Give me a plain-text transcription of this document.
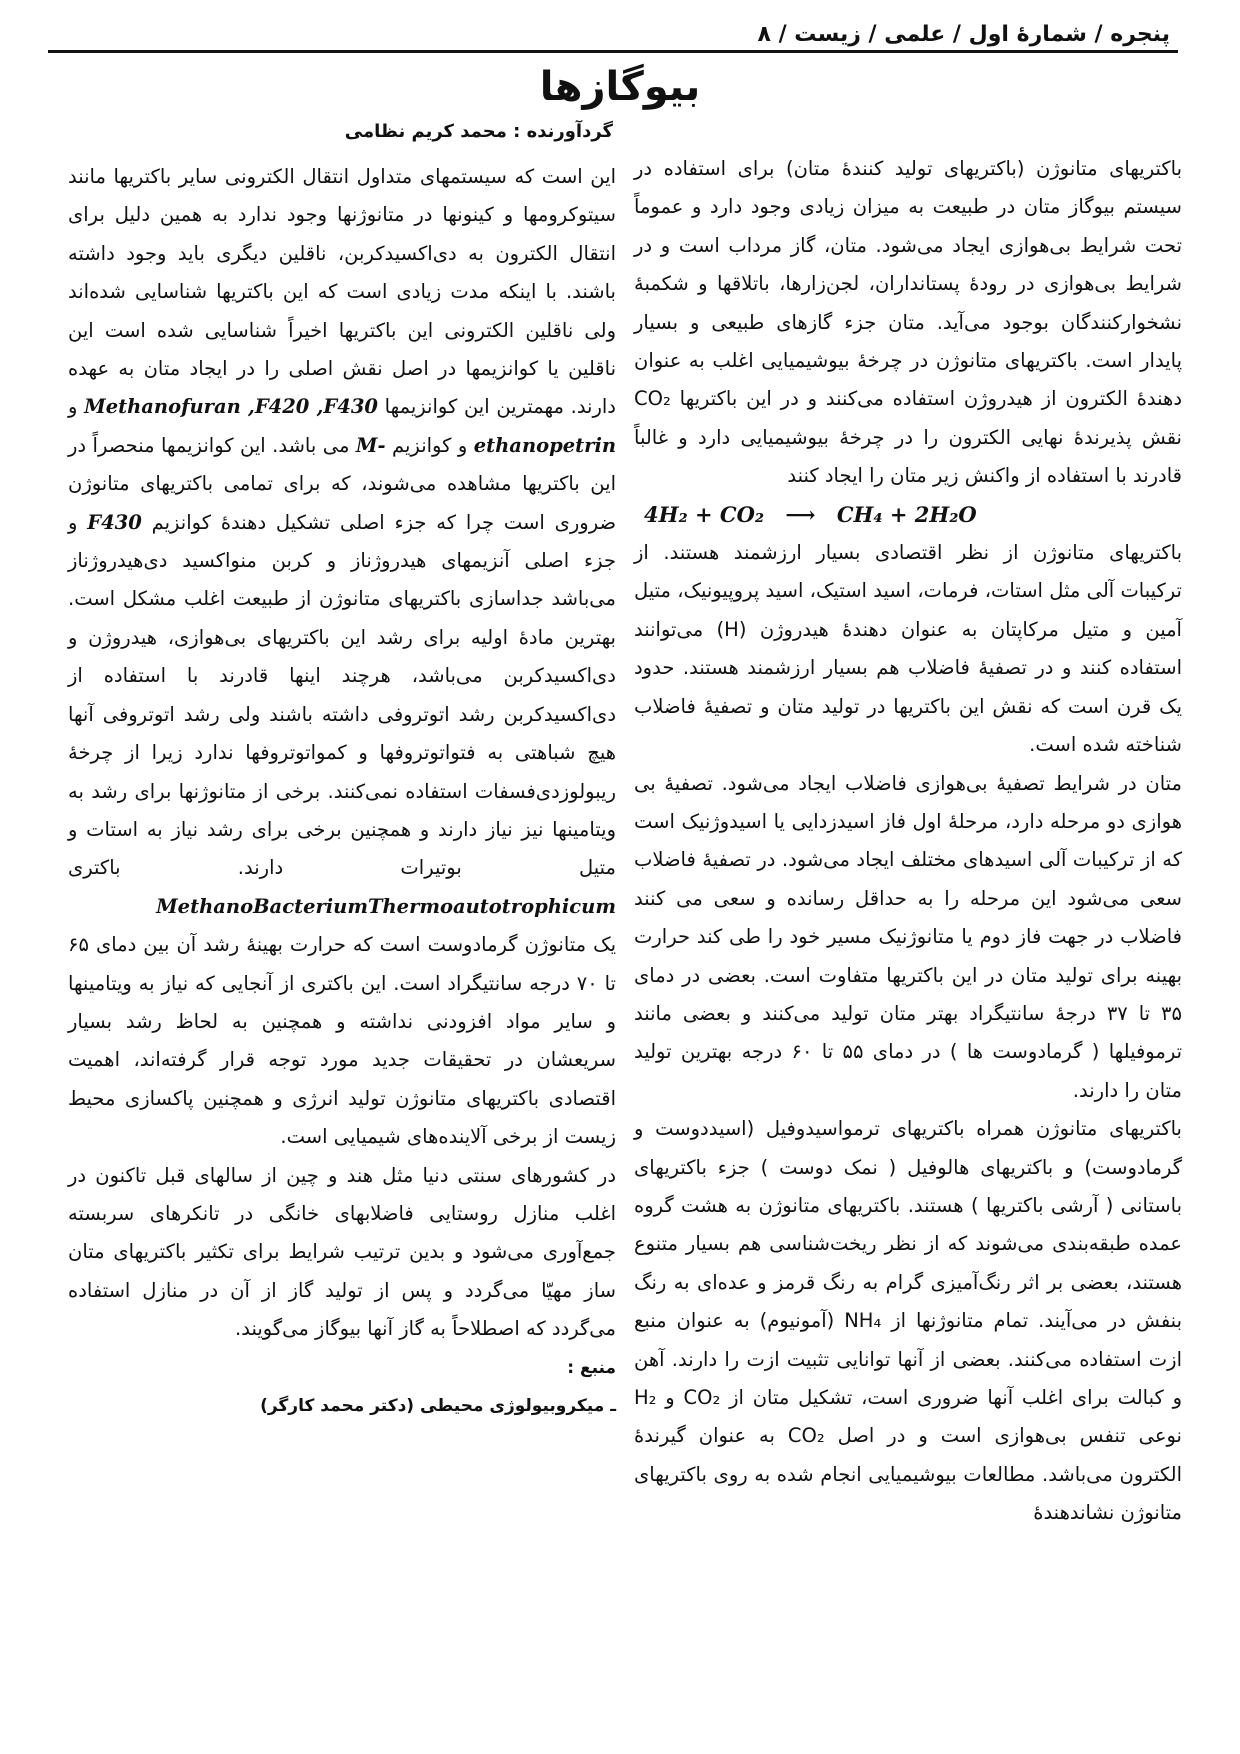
پنجره / شمارهٔ اول / علمی / زیست / ۸
بیوگازها
گردآورنده : محمد کریم نظامی

باکتریهای متانوژن (باکتریهای تولید کنندهٔ متان) برای استفاده در سیستم بیوگاز متان در طبیعت به میزان زیادی وجود دارد و عموماً تحت شرایط بی‌هوازی ایجاد می‌شود. متان، گاز مرداب است و در شرایط بی‌هوازی در رودهٔ پستانداران، لجن‌زارها، باتلاقها و شکمبهٔ نشخوارکنندگان بوجود می‌آید. متان جزء گازهای طبیعی و بسیار پایدار است. باکتریهای متانوژن در چرخهٔ بیوشیمیایی اغلب به عنوان دهندهٔ الکترون از هیدروژن استفاده می‌کنند و در این باکتریها CO₂ نقش پذیرندهٔ نهایی الکترون را در چرخهٔ بیوشیمیایی دارد و غالباً قادرند با استفاده از واکنش زیر متان را ایجاد کنند

4H₂ + CO₂ ⟶ CH₄ + 2H₂O

باکتریهای متانوژن از نظر اقتصادی بسیار ارزشمند هستند. از ترکیبات آلی مثل استات، فرمات، اسید استیک، اسید پروپیونیک، متیل آمین و متیل مرکاپتان به عنوان دهندهٔ هیدروژن (H) می‌توانند استفاده کنند و در تصفیهٔ فاضلاب هم بسیار ارزشمند هستند. حدود یک قرن است که نقش این باکتریها در تولید متان و تصفیهٔ فاضلاب شناخته شده است.

متان در شرایط تصفیهٔ بی‌هوازی فاضلاب ایجاد می‌شود. تصفیهٔ بی هوازی دو مرحله دارد، مرحلهٔ اول فاز اسیدزدایی یا اسیدوژنیک است که از ترکیبات آلی اسیدهای مختلف ایجاد می‌شود. در تصفیهٔ فاضلاب سعی می‌شود این مرحله را به حداقل رسانده و سعی می کنند فاضلاب در جهت فاز دوم یا متانوژنیک مسیر خود را طی کند حرارت بهینه برای تولید متان در این باکتریها متفاوت است. بعضی در دمای ۳۵ تا ۳۷ درجهٔ سانتیگراد بهتر متان تولید می‌کنند و بعضی مانند ترموفیلها ( گرمادوست ها ) در دمای ۵۵ تا ۶۰ درجه بهترین تولید متان را دارند.

باکتریهای متانوژن همراه باکتریهای ترمواسیدوفیل (اسیددوست و گرمادوست) و باکتریهای هالوفیل ( نمک دوست ) جزء باکتریهای باستانی ( آرشی باکتریها ) هستند. باکتریهای متانوژن به هشت گروه عمده طبقه‌بندی می‌شوند که از نظر ریخت‌شناسی هم بسیار متنوع هستند، بعضی بر اثر رنگ‌آمیزی گرام به رنگ قرمز و عده‌ای به رنگ بنفش در می‌آیند. تمام متانوژنها از NH₄ (آمونیوم) به عنوان منبع ازت استفاده می‌کنند. بعضی از آنها توانایی تثبیت ازت را دارند. آهن و کبالت برای اغلب آنها ضروری است، تشکیل متان از CO₂ و H₂ نوعی تنفس بی‌هوازی است و در اصل CO₂ به عنوان گیرندهٔ الکترون می‌باشد. مطالعات بیوشیمیایی انجام شده به روی باکتریهای متانوژن نشاندهندهٔ

این است که سیستمهای متداول انتقال الکترونی سایر باکتریها مانند سیتوکرومها و کینونها در متانوژنها وجود ندارد به همین دلیل برای انتقال الکترون به دی‌اکسیدکربن، ناقلین دیگری باید وجود داشته باشند. با اینکه مدت زیادی است که این باکتریها شناسایی شده‌اند ولی ناقلین الکترونی این باکتریها اخیراً شناسایی شده است این ناقلین یا کوانزیمها در اصل نقش اصلی را در ایجاد متان به عهده دارند. مهمترین این کوانزیمها Methanofuran ,F420 ,F430 و ethanopetrin و کوانزیم M- می باشد. این کوانزیمها منحصراً در این باکتریها مشاهده می‌شوند، که برای تمامی باکتریهای متانوژن ضروری است چرا که جزء اصلی تشکیل دهندهٔ کوانزیم F430 و جزء اصلی آنزیمهای هیدروژناز و کربن منواکسید دی‌هیدروژناز می‌باشد جداسازی باکتریهای متانوژن از طبیعت اغلب مشکل است. بهترین مادهٔ اولیه برای رشد این باکتریهای بی‌هوازی، هیدروژن و دی‌اکسیدکربن می‌باشد، هرچند اینها قادرند با استفاده از دی‌اکسیدکربن رشد اتوتروفی داشته باشند ولی رشد اتوتروفی آنها هیچ شباهتی به فتواتوتروفها و کمواتوتروفها ندارد زیرا از چرخهٔ ریبولوزدی‌فسفات استفاده نمی‌کنند. برخی از متانوژنها برای رشد به ویتامینها نیز نیاز دارند و همچنین برخی برای رشد نیاز به استات و متیل بوتیرات دارند. باکتری MethanoBacteriumThermoautotrophicum

یک متانوژن گرمادوست است که حرارت بهینهٔ رشد آن بین دمای ۶۵ تا ۷۰ درجه سانتیگراد است. این باکتری از آنجایی که نیاز به ویتامینها و سایر مواد افزودنی نداشته و همچنین به لحاظ رشد بسیار سریعشان در تحقیقات جدید مورد توجه قرار گرفته‌اند، اهمیت اقتصادی باکتریهای متانوژن تولید انرژی و همچنین پاکسازی محیط زیست از برخی آلاینده‌های شیمیایی است.

در کشورهای سنتی دنیا مثل هند و چین از سالهای قبل تاکنون در اغلب منازل روستایی فاضلابهای خانگی در تانکرهای سربسته جمع‌آوری می‌شود و بدین ترتیب شرایط برای تکثیر باکتریهای متان ساز مهیّا می‌گردد و پس از تولید گاز از آن در منازل استفاده می‌گردد که اصطلاحاً به گاز آنها بیوگاز می‌گویند.

منبع :

ـ میکروبیولوژی محیطی (دکتر محمد کارگر)
